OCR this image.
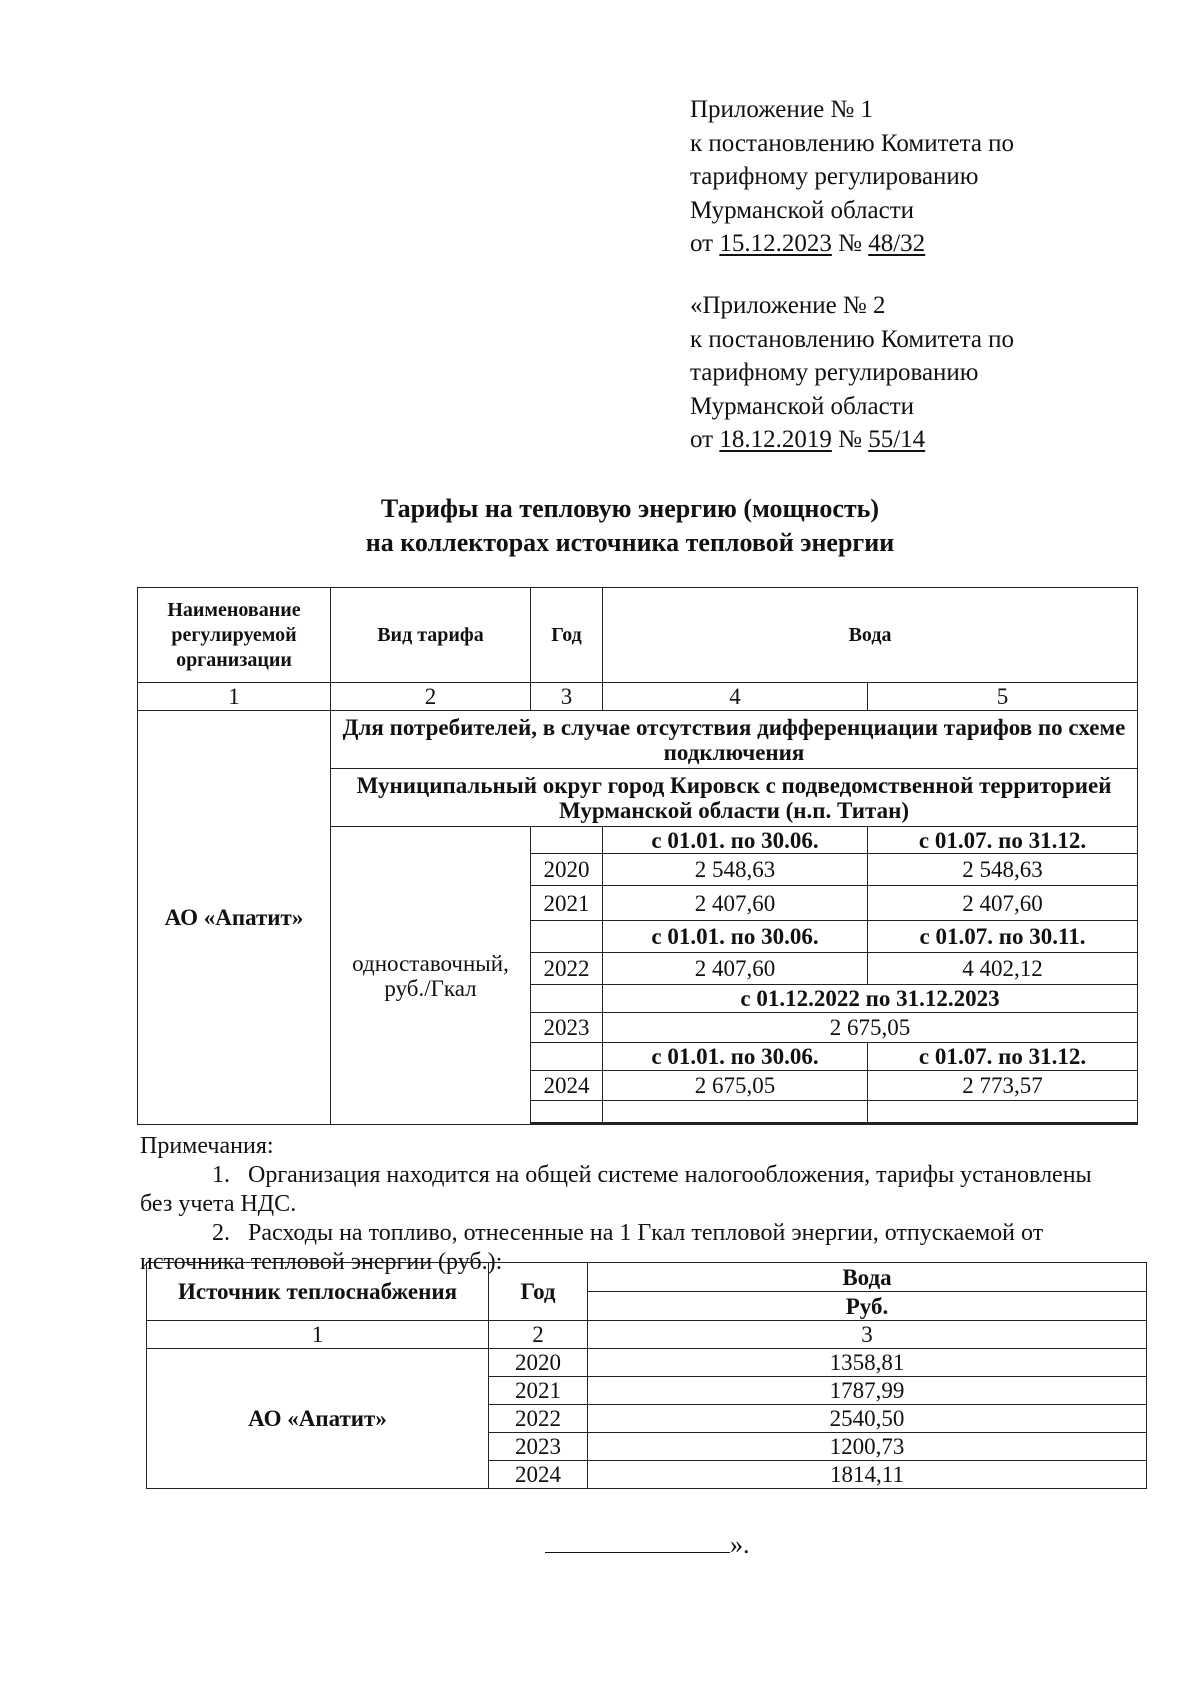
Приложение № 1
к постановлению Комитета по
тарифному регулированию
Мурманской области
от 15.12.2023 № 48/32
«Приложение № 2
к постановлению Комитета по
тарифному регулированию
Мурманской области
от 18.12.2019 № 55/14
Тарифы на тепловую энергию (мощность)
на коллекторах источника тепловой энергии
Наименование регулируемой организации	Вид тарифа	Год	Вода	
1	2	3	4	5
АО «Апатит»	Для потребителей, в случае отсутствия дифференциации тарифов по схеме подключения			
	Муниципальный округ город Кировск с подведомственной территорией Мурманской области (н.п. Титан)			
	одноставочный, руб./Гкал		с 01.01. по 30.06.	с 01.07. по 31.12.
		2020	2 548,63	2 548,63
		2021	2 407,60	2 407,60
			с 01.01. по 30.06.	с 01.07. по 30.11.
		2022	2 407,60	4 402,12
			с 01.12.2022 по 31.12.2023	
		2023	2 675,05	
			с 01.01. по 30.06.	с 01.07. по 31.12.
		2024	2 675,05	2 773,57

Примечания:
1. Организация находится на общей системе налогообложения, тарифы установлены
без учета НДС.
2. Расходы на топливо, отнесенные на 1 Гкал тепловой энергии, отпускаемой от
источника тепловой энергии (руб.):
Источник теплоснабжения	Год	Вода
		Руб.
1	2	3
АО «Апатит»	2020	1358,81
	2021	1787,99
	2022	2540,50
	2023	1200,73
	2024	1814,11
».
